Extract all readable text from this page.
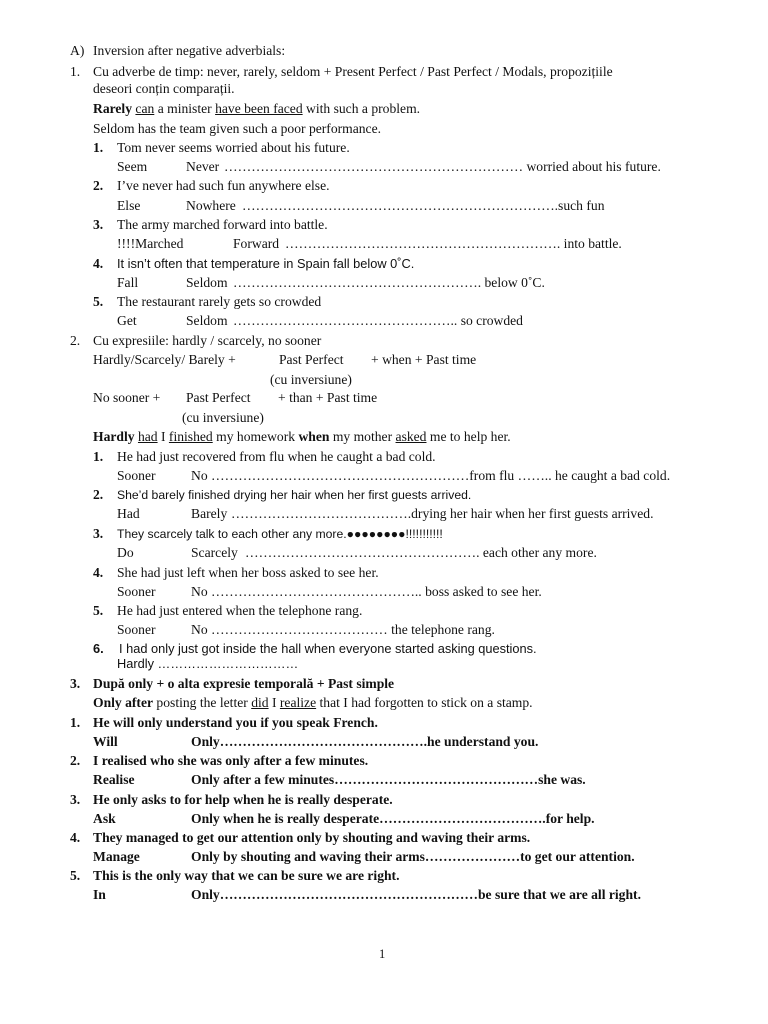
A) Inversion after negative adverbials:
1. Cu adverbe de timp: never, rarely, seldom + Present Perfect / Past Perfect / Modals, propozițiile
deseori conțin comparații.
Rarely can a minister have been faced with such a problem.
Seldom has the team given such a poor performance.
1. Tom never seems worried about his future.
Seem	Never ………………………………………………………… worried about his future.
2. I’ve never had such fun anywhere else.
Else	Nowhere …………………………………………………………….such fun
3. The army marched forward into battle.
!!!!Marched	Forward ……………………………………………………. into battle.
4. It isn’t often that temperature in Spain fall below 0˚C.
Fall	Seldom ………………………………………………. below 0˚C.
5. The restaurant rarely gets so crowded
Get	Seldom ………………………………………….. so crowded
2. Cu expresiile: hardly / scarcely, no sooner
Hardly/Scarcely/ Barely +	Past Perfect + when + Past time
(cu inversiune)
No sooner + Past Perfect + than + Past time
(cu inversiune)
Hardly had I finished my homework when my mother asked me to help her.
1. He had just recovered from flu when he caught a bad cold.
Sooner	No …………………………………………………from flu …….. he caught a bad cold.
2. She’d barely finished drying her hair when her first guests arrived.
Had	Barely ………………………………….drying her hair when her first guests arrived.
3. They scarcely talk to each other any more.●●●●●●●●!!!!!!!!!!!
Do	Scarcely ……………………………………………. each other any more.
4. She had just left when her boss asked to see her.
Sooner	No ……………………………………….. boss asked to see her.
5. He had just entered when the telephone rang.
Sooner	No ………………………………… the telephone rang.
6. I had only just got inside the hall when everyone started asking questions.
Hardly ……………………………
3. După only + o alta expresie temporală + Past simple
Only after posting the letter did I realize that I had forgotten to stick on a stamp.
1. He will only understand you if you speak French.
Will	Only……………………………………….he understand you.
2. I realised who she was only after a few minutes.
Realise	Only after a few minutes………………………………………she was.
3. He only asks to for help when he is really desperate.
Ask	Only when he is really desperate……………………………….for help.
4. They managed to get our attention only by shouting and waving their arms.
Manage	Only by shouting and waving their arms…………………to get our attention.
5. This is the only way that we can be sure we are right.
In	Only…………………………………………………be sure that we are all right.
1
